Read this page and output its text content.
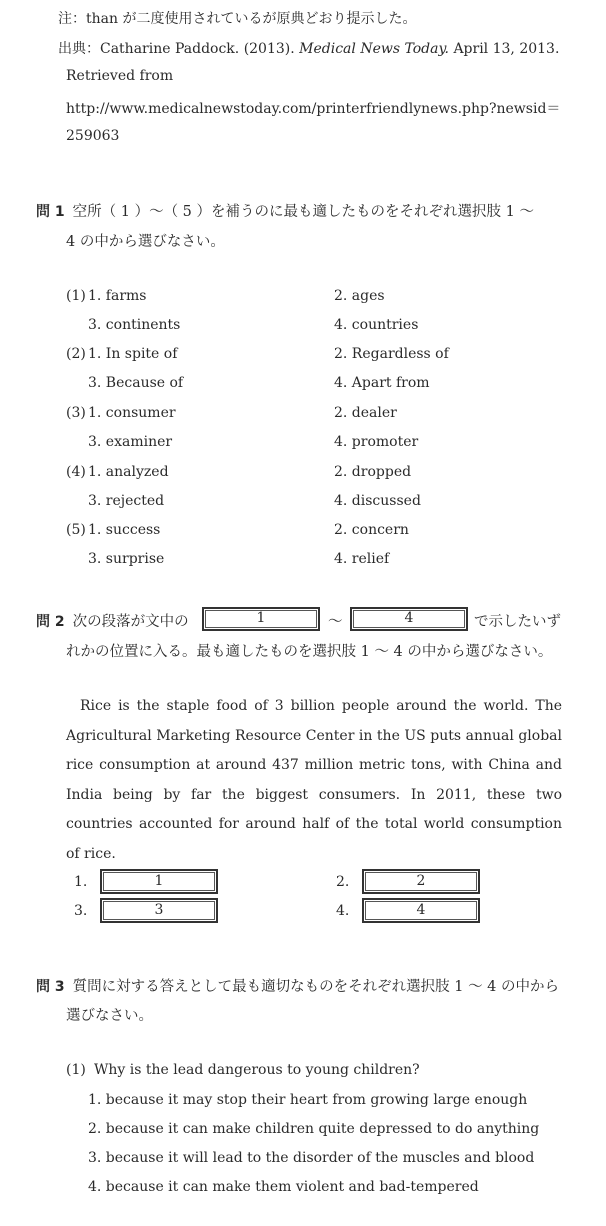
注：than が二度使用されているが原典どおり提示した。
出典：Catharine Paddock. (2013). Medical News Today. April 13, 2013.
Retrieved from
http://www.medicalnewstoday.com/printerfriendlynews.php?newsid＝
259063
問 1 空所（ 1 ）〜（ 5 ）を補うのに最も適したものをそれぞれ選択肢 1 〜
4 の中から選びなさい。
(1) 1. farms	2. ages
3. continents	4. countries
(2) 1. In spite of	2. Regardless of
3. Because of	4. Apart from
(3) 1. consumer	2. dealer
3. examiner	4. promoter
(4) 1. analyzed	2. dropped
3. rejected	4. discussed
(5) 1. success	2. concern
3. surprise	4. relief
問 2 次の段落が文中の	1	〜	4	で示したいず
れかの位置に入る。最も適したものを選択肢 1 〜 4 の中から選びなさい。
Rice is the staple food of 3 billion people around the world. The Agricultural Marketing Resource Center in the US puts annual global rice consumption at around 437 million metric tons, with China and India being by far the biggest consumers. In 2011, these two countries accounted for around half of the total world consumption of rice.
1.	1	2.	2
3.	3	4.	4
問 3 質問に対する答えとして最も適切なものをそれぞれ選択肢 1 〜 4 の中から
選びなさい。
(1) Why is the lead dangerous to young children?
1. because it may stop their heart from growing large enough
2. because it can make children quite depressed to do anything
3. because it will lead to the disorder of the muscles and blood
4. because it can make them violent and bad-tempered
